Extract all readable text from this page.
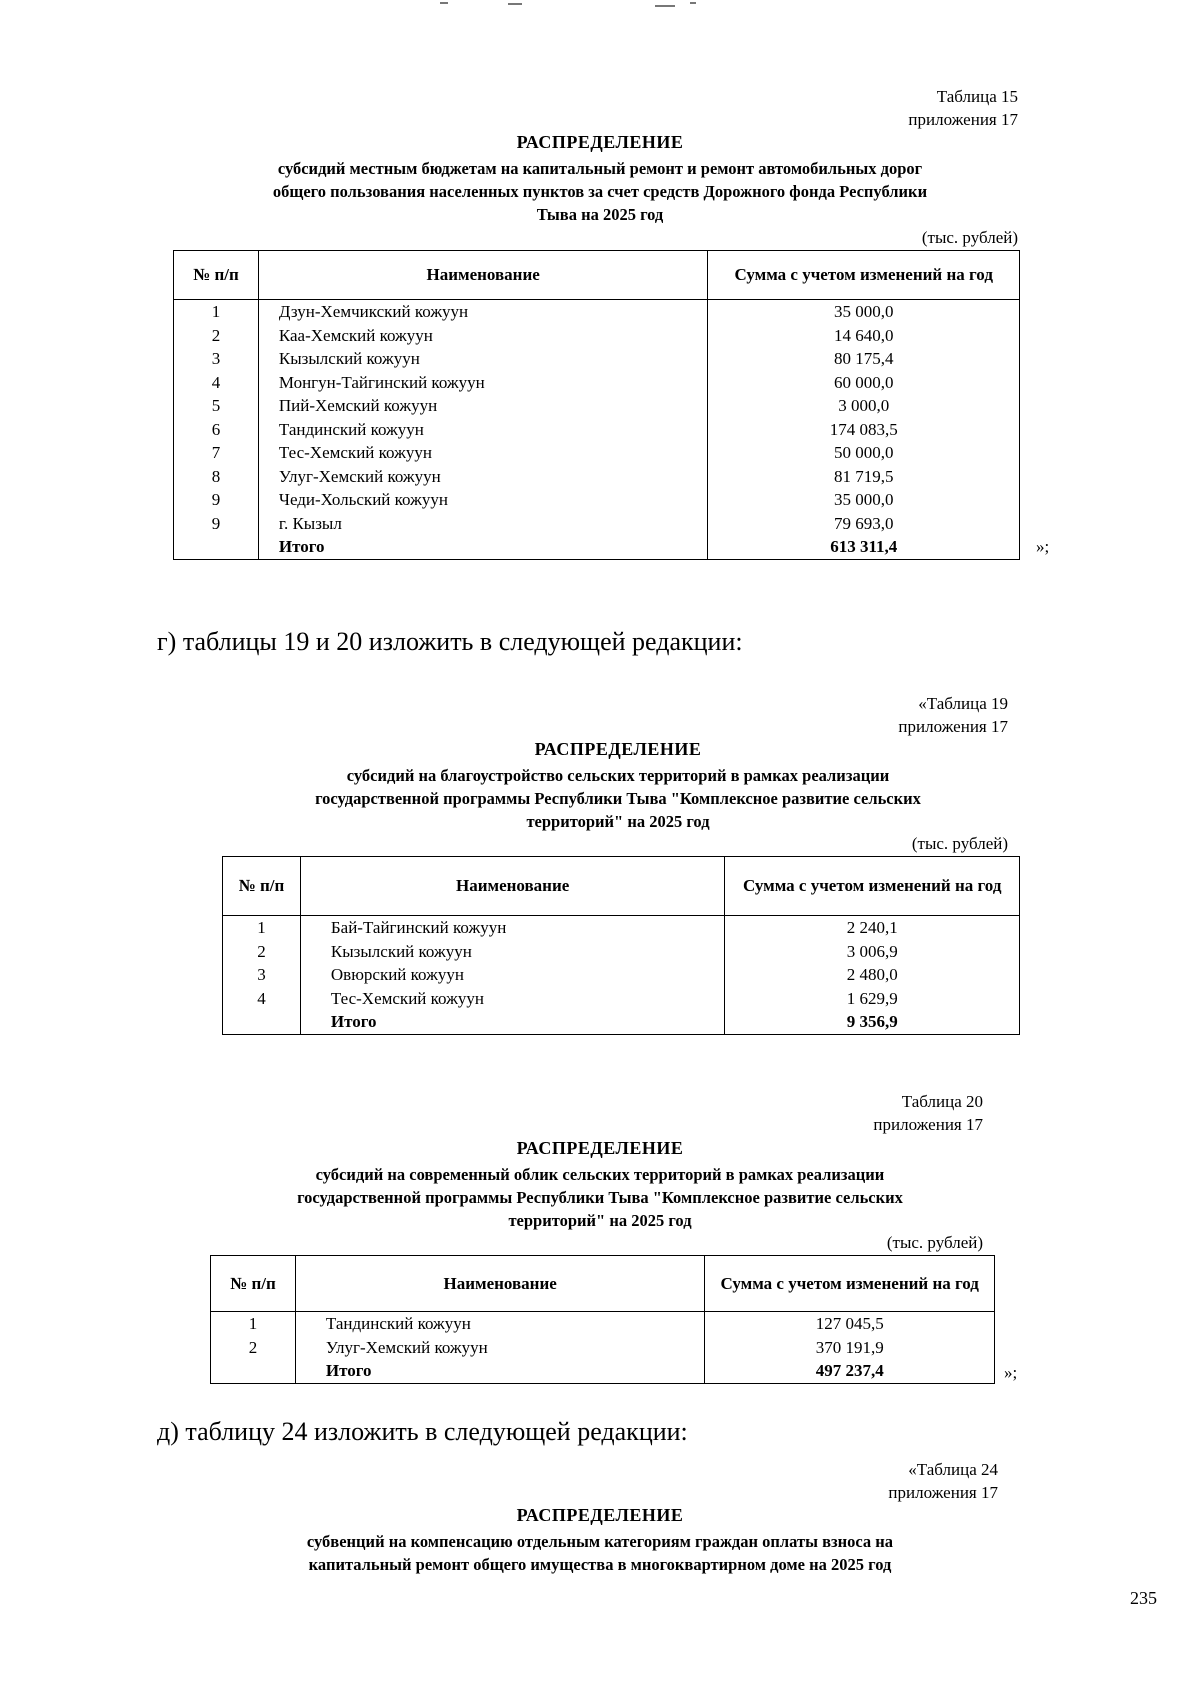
Таблица 15
приложения 17
РАСПРЕДЕЛЕНИЕ
субсидий местным бюджетам на капитальный ремонт и ремонт автомобильных дорог
общего пользования населенных пунктов за счет средств Дорожного фонда Республики
Тыва на 2025 год
(тыс. рублей)
№ п/п	Наименование	Сумма с учетом изменений на год
1	Дзун-Хемчикский кожуун	35 000,0
2	Каа-Хемский кожуун	14 640,0
3	Кызылский кожуун	80 175,4
4	Монгун-Тайгинский кожуун	60 000,0
5	Пий-Хемский кожуун	3 000,0
6	Тандинский кожуун	174 083,5
7	Тес-Хемский кожуун	50 000,0
8	Улуг-Хемский кожуун	81 719,5
9	Чеди-Хольский кожуун	35 000,0
9	г. Кызыл	79 693,0
	Итого	613 311,4	»;
г) таблицы 19 и 20 изложить в следующей редакции:
«Таблица 19
приложения 17
РАСПРЕДЕЛЕНИЕ
субсидий на благоустройство сельских территорий в рамках реализации
государственной программы Республики Тыва "Комплексное развитие сельских
территорий" на 2025 год
(тыс. рублей)
№ п/п	Наименование	Сумма с учетом изменений на год
1	Бай-Тайгинский кожуун	2 240,1
2	Кызылский кожуун	3 006,9
3	Овюрский кожуун	2 480,0
4	Тес-Хемский кожуун	1 629,9
	Итого	9 356,9
Таблица 20
приложения 17
РАСПРЕДЕЛЕНИЕ
субсидий на современный облик сельских территорий в рамках реализации
государственной программы Республики Тыва "Комплексное развитие сельских
территорий" на 2025 год
(тыс. рублей)
№ п/п	Наименование	Сумма с учетом изменений на год
1	Тандинский кожуун	127 045,5
2	Улуг-Хемский кожуун	370 191,9
	Итого	497 237,4	»;
д) таблицу 24 изложить в следующей редакции:
«Таблица 24
приложения 17
РАСПРЕДЕЛЕНИЕ
субвенций на компенсацию отдельным категориям граждан оплаты взноса на
капитальный ремонт общего имущества в многоквартирном доме на 2025 год
235
